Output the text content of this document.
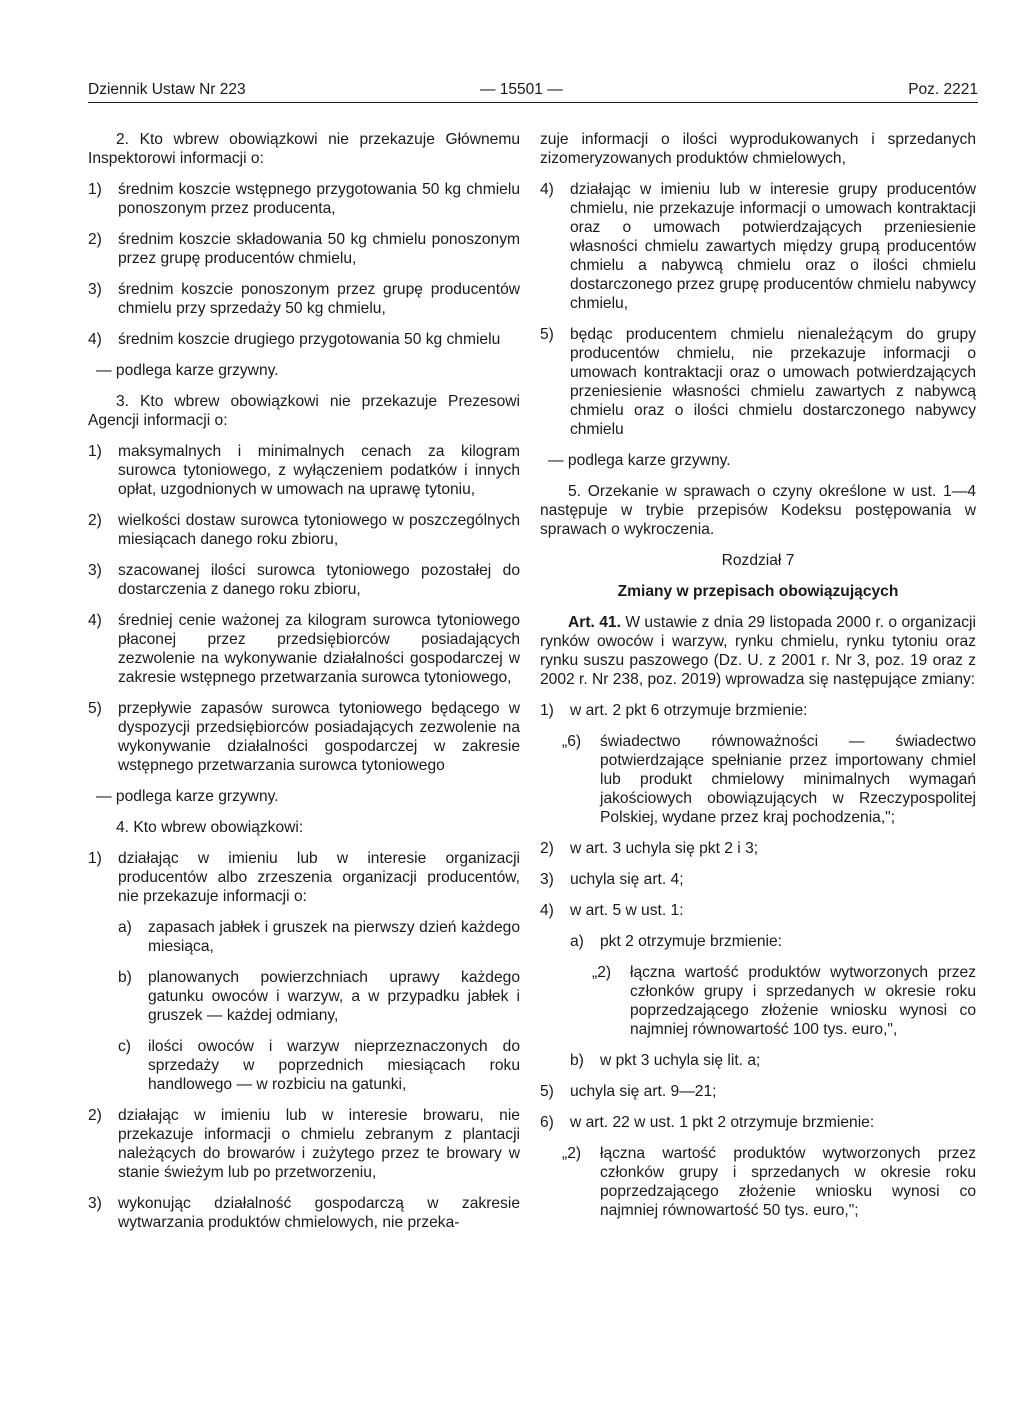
Dziennik Ustaw Nr 223	— 15501 —	Poz. 2221

2. Kto wbrew obowiązkowi nie przekazuje Głównemu Inspektorowi informacji o:

1) średnim koszcie wstępnego przygotowania 50 kg chmielu ponoszonym przez producenta,
2) średnim koszcie składowania 50 kg chmielu ponoszonym przez grupę producentów chmielu,
3) średnim koszcie ponoszonym przez grupę producentów chmielu przy sprzedaży 50 kg chmielu,
4) średnim koszcie drugiego przygotowania 50 kg chmielu

— podlega karze grzywny.

3. Kto wbrew obowiązkowi nie przekazuje Prezesowi Agencji informacji o:

1) maksymalnych i minimalnych cenach za kilogram surowca tytoniowego, z wyłączeniem podatków i innych opłat, uzgodnionych w umowach na uprawę tytoniu,
2) wielkości dostaw surowca tytoniowego w poszczególnych miesiącach danego roku zbioru,
3) szacowanej ilości surowca tytoniowego pozostałej do dostarczenia z danego roku zbioru,
4) średniej cenie ważonej za kilogram surowca tytoniowego płaconej przez przedsiębiorców posiadających zezwolenie na wykonywanie działalności gospodarczej w zakresie wstępnego przetwarzania surowca tytoniowego,
5) przepływie zapasów surowca tytoniowego będącego w dyspozycji przedsiębiorców posiadających zezwolenie na wykonywanie działalności gospodarczej w zakresie wstępnego przetwarzania surowca tytoniowego

— podlega karze grzywny.

4. Kto wbrew obowiązkowi:

1) działając w imieniu lub w interesie organizacji producentów albo zrzeszenia organizacji producentów, nie przekazuje informacji o:
a) zapasach jabłek i gruszek na pierwszy dzień każdego miesiąca,
b) planowanych powierzchniach uprawy każdego gatunku owoców i warzyw, a w przypadku jabłek i gruszek — każdej odmiany,
c) ilości owoców i warzyw nieprzeznaczonych do sprzedaży w poprzednich miesiącach roku handlowego — w rozbiciu na gatunki,
2) działając w imieniu lub w interesie browaru, nie przekazuje informacji o chmielu zebranym z plantacji należących do browarów i zużytego przez te browary w stanie świeżym lub po przetworzeniu,
3) wykonując działalność gospodarczą w zakresie wytwarzania produktów chmielowych, nie przeka-

zuje informacji o ilości wyprodukowanych i sprzedanych zizomeryzowanych produktów chmielowych,

4) działając w imieniu lub w interesie grupy producentów chmielu, nie przekazuje informacji o umowach kontraktacji oraz o umowach potwierdzających przeniesienie własności chmielu zawartych między grupą producentów chmielu a nabywcą chmielu oraz o ilości chmielu dostarczonego przez grupę producentów chmielu nabywcy chmielu,
5) będąc producentem chmielu nienależącym do grupy producentów chmielu, nie przekazuje informacji o umowach kontraktacji oraz o umowach potwierdzających przeniesienie własności chmielu zawartych z nabywcą chmielu oraz o ilości chmielu dostarczonego nabywcy chmielu

— podlega karze grzywny.

5. Orzekanie w sprawach o czyny określone w ust. 1—4 następuje w trybie przepisów Kodeksu postępowania w sprawach o wykroczenia.

Rozdział 7

Zmiany w przepisach obowiązujących

Art. 41. W ustawie z dnia 29 listopada 2000 r. o organizacji rynków owoców i warzyw, rynku chmielu, rynku tytoniu oraz rynku suszu paszowego (Dz. U. z 2001 r. Nr 3, poz. 19 oraz z 2002 r. Nr 238, poz. 2019) wprowadza się następujące zmiany:

1) w art. 2 pkt 6 otrzymuje brzmienie:
„6) świadectwo równoważności — świadectwo potwierdzające spełnianie przez importowany chmiel lub produkt chmielowy minimalnych wymagań jakościowych obowiązujących w Rzeczypospolitej Polskiej, wydane przez kraj pochodzenia,";
2) w art. 3 uchyla się pkt 2 i 3;
3) uchyla się art. 4;
4) w art. 5 w ust. 1:
a) pkt 2 otrzymuje brzmienie:
„2) łączna wartość produktów wytworzonych przez członków grupy i sprzedanych w okresie roku poprzedzającego złożenie wniosku wynosi co najmniej równowartość 100 tys. euro,",
b) w pkt 3 uchyla się lit. a;
5) uchyla się art. 9—21;
6) w art. 22 w ust. 1 pkt 2 otrzymuje brzmienie:
„2) łączna wartość produktów wytworzonych przez członków grupy i sprzedanych w okresie roku poprzedzającego złożenie wniosku wynosi co najmniej równowartość 50 tys. euro,";
